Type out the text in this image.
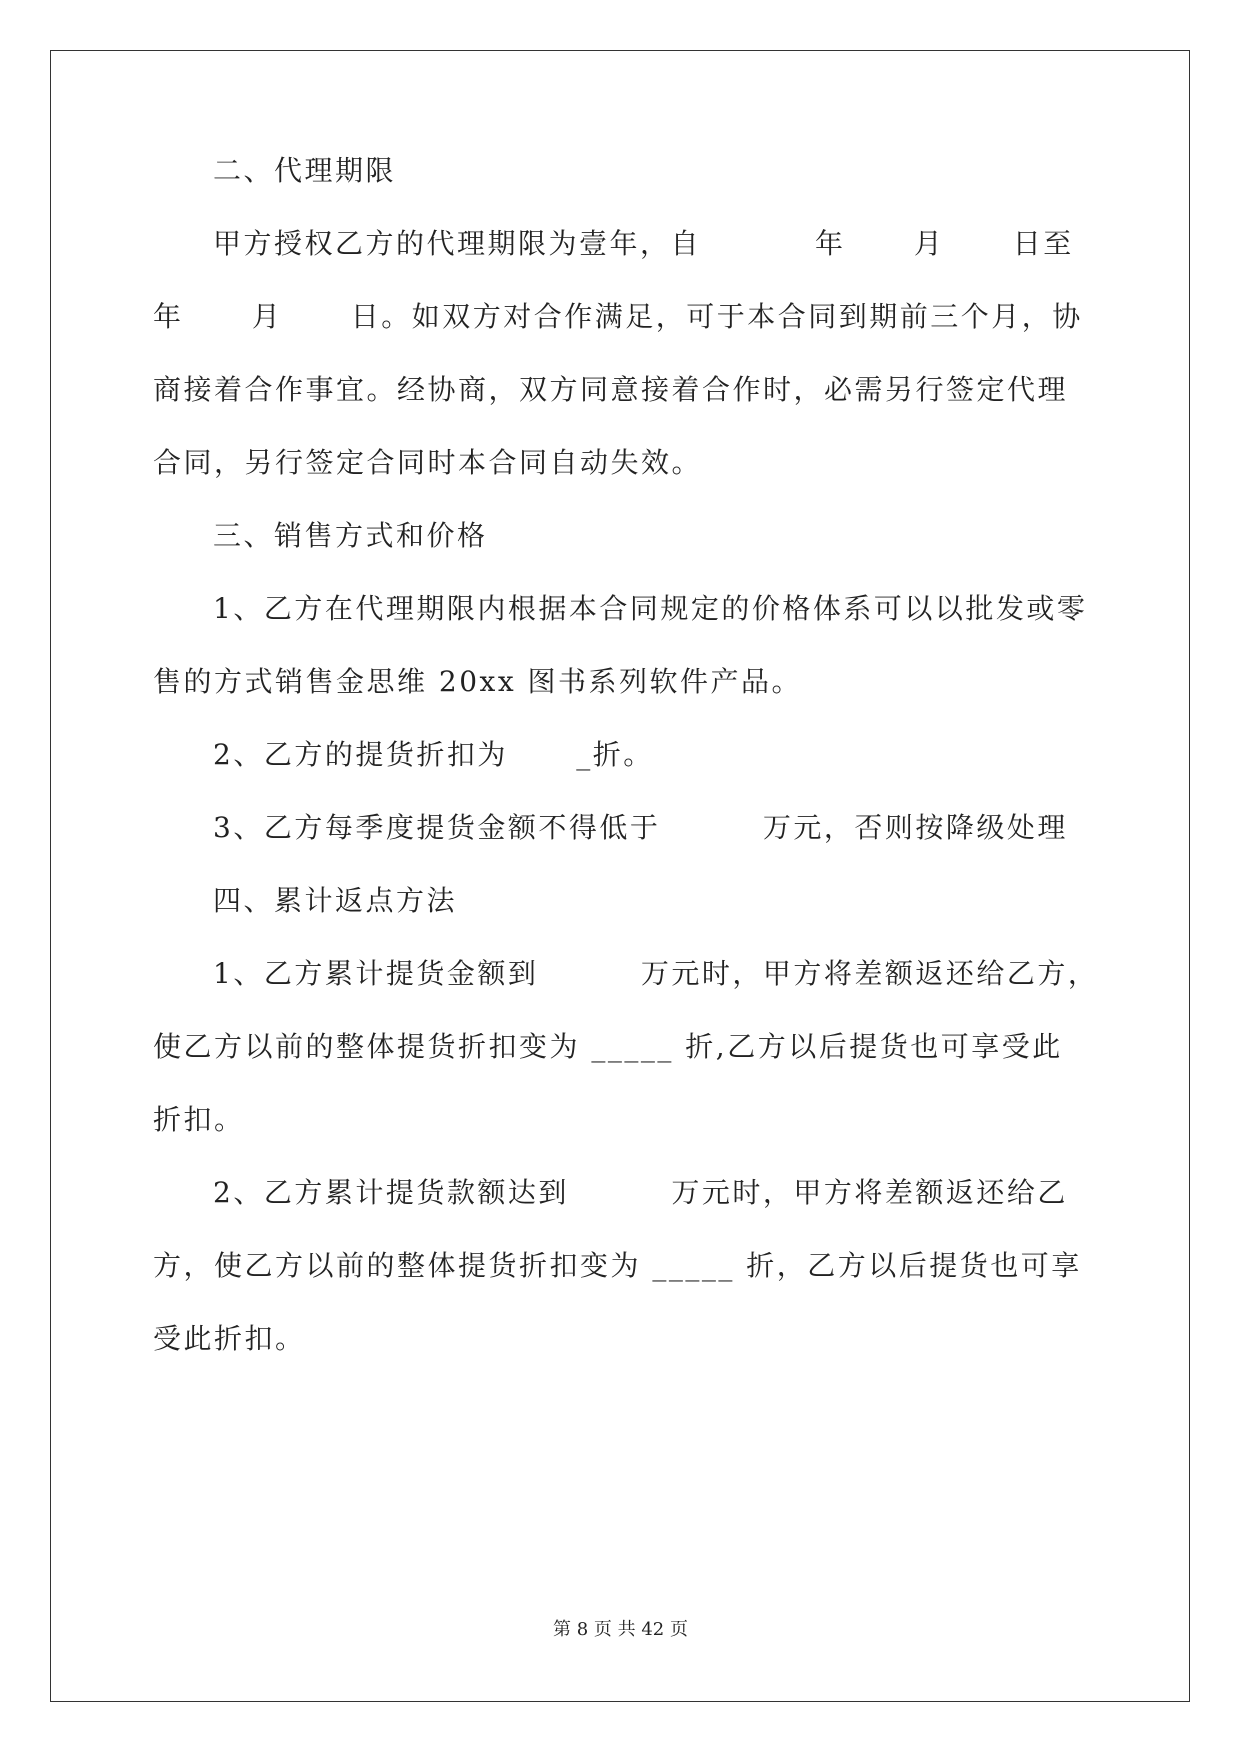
二、代理期限
甲方授权乙方的代理期限为壹年，自          年      月      日至
年      月      日。如双方对合作满足，可于本合同到期前三个月，协
商接着合作事宜。经协商，双方同意接着合作时，必需另行签定代理
合同，另行签定合同时本合同自动失效。
三、销售方式和价格
1、乙方在代理期限内根据本合同规定的价格体系可以以批发或零
售的方式销售金思维 20xx 图书系列软件产品。
2、乙方的提货折扣为      _折。
3、乙方每季度提货金额不得低于         万元，否则按降级处理
四、累计返点方法
1、乙方累计提货金额到         万元时，甲方将差额返还给乙方，
使乙方以前的整体提货折扣变为 _____ 折,乙方以后提货也可享受此
折扣。
2、乙方累计提货款额达到         万元时，甲方将差额返还给乙
方，使乙方以前的整体提货折扣变为 _____ 折，乙方以后提货也可享
受此折扣。
第 8 页 共 42 页
